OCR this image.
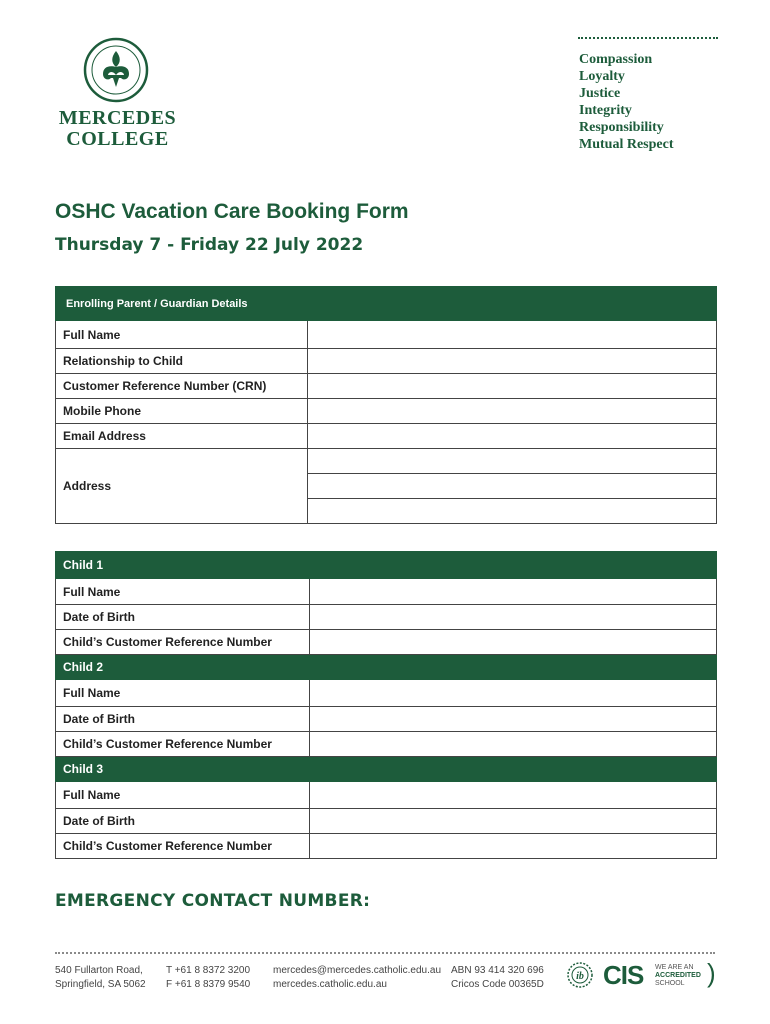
MERCEDES
COLLEGE
Compassion
Loyalty
Justice
Integrity
Responsibility
Mutual Respect
OSHC Vacation Care Booking Form
Thursday 7 - Friday 22 July 2022
Enrolling Parent / Guardian Details	
Full Name	
Relationship to Child	
Customer Reference Number (CRN)	
Mobile Phone	
Email Address	
Address	

Child 1	
Full Name	
Date of Birth	
Child’s Customer Reference Number	
Child 2	
Full Name	
Date of Birth	
Child’s Customer Reference Number	
Child 3	
Full Name	
Date of Birth	
Child’s Customer Reference Number	
EMERGENCY CONTACT NUMBER:
540 Fullarton Road,
Springfield, SA 5062
T +61 8 8372 3200
F +61 8 8379 9540
mercedes@mercedes.catholic.edu.au
mercedes.catholic.edu.au
ABN 93 414 320 696
Cricos Code 00365D
ib CIS WE ARE AN
ACCREDITED
SCHOOL )
